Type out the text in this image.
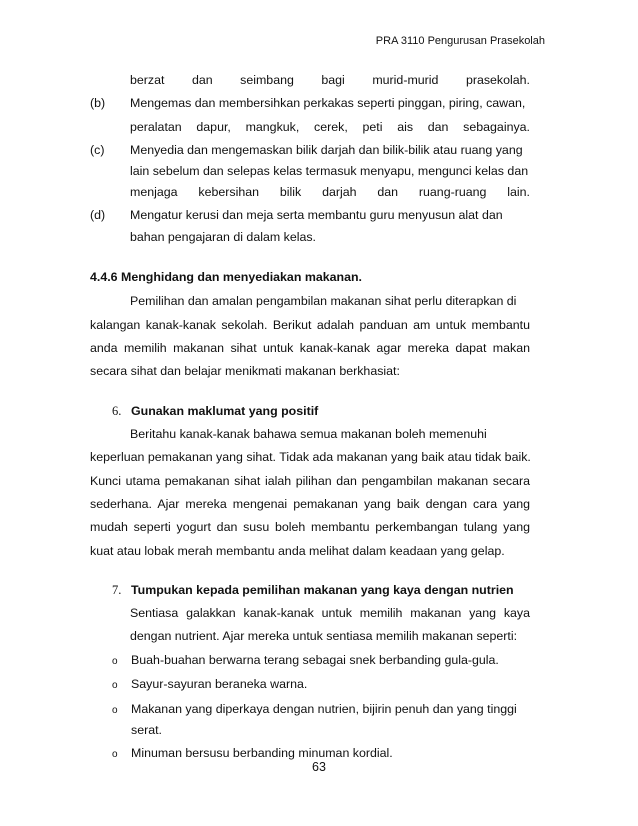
PRA 3110 Pengurusan Prasekolah
berzat dan seimbang bagi murid-murid prasekolah.
(b) Mengemas dan membersihkan perkakas seperti pinggan, piring, cawan,
peralatan dapur, mangkuk, cerek, peti ais dan sebagainya.
(c) Menyedia dan mengemaskan bilik darjah dan bilik-bilik atau ruang yang
lain sebelum dan selepas kelas termasuk menyapu, mengunci kelas dan
menjaga kebersihan bilik darjah dan ruang-ruang lain.
(d) Mengatur kerusi dan meja serta membantu guru menyusun alat dan
bahan pengajaran di dalam kelas.
4.4.6 Menghidang dan menyediakan makanan.
Pemilihan dan amalan pengambilan makanan sihat perlu diterapkan di
kalangan kanak-kanak sekolah. Berikut adalah panduan am untuk membantu
anda memilih makanan sihat untuk kanak-kanak agar mereka dapat makan
secara sihat dan belajar menikmati makanan berkhasiat:
6. Gunakan maklumat yang positif
Beritahu kanak-kanak bahawa semua makanan boleh memenuhi
keperluan pemakanan yang sihat. Tidak ada makanan yang baik atau tidak baik.
Kunci utama pemakanan sihat ialah pilihan dan pengambilan makanan secara
sederhana. Ajar mereka mengenai pemakanan yang baik dengan cara yang
mudah seperti yogurt dan susu boleh membantu perkembangan tulang yang
kuat atau lobak merah membantu anda melihat dalam keadaan yang gelap.
7. Tumpukan kepada pemilihan makanan yang kaya dengan nutrien
Sentiasa galakkan kanak-kanak untuk memilih makanan yang kaya
dengan nutrient. Ajar mereka untuk sentiasa memilih makanan seperti:
o Buah-buahan berwarna terang sebagai snek berbanding gula-gula.
o Sayur-sayuran beraneka warna.
o Makanan yang diperkaya dengan nutrien, bijirin penuh dan yang tinggi
serat.
o Minuman bersusu berbanding minuman kordial.
63
